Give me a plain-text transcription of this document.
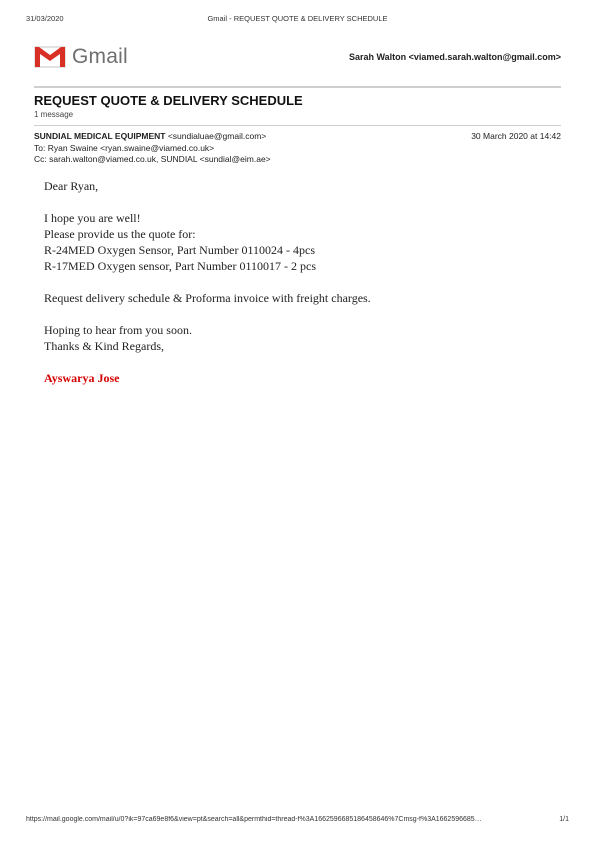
31/03/2020	Gmail - REQUEST QUOTE & DELIVERY SCHEDULE
Gmail	Sarah Walton <viamed.sarah.walton@gmail.com>
REQUEST QUOTE & DELIVERY SCHEDULE
1 message
SUNDIAL MEDICAL EQUIPMENT <sundialuae@gmail.com>	30 March 2020 at 14:42
To: Ryan Swaine <ryan.swaine@viamed.co.uk>
Cc: sarah.walton@viamed.co.uk, SUNDIAL <sundial@eim.ae>
Dear Ryan,
I hope you are well!
Please provide us the quote for:
R-24MED Oxygen Sensor, Part Number 0110024 - 4pcs
R-17MED Oxygen sensor, Part Number 0110017 - 2 pcs
Request delivery schedule & Proforma invoice with freight charges.
Hoping to hear from you soon.
Thanks & Kind Regards,
Ayswarya Jose
https://mail.google.com/mail/u/0?ik=97ca69e8f6&view=pt&search=all&permthid=thread-f%3A1662596685186458646%7Cmsg-f%3A1662596685…	1/1
